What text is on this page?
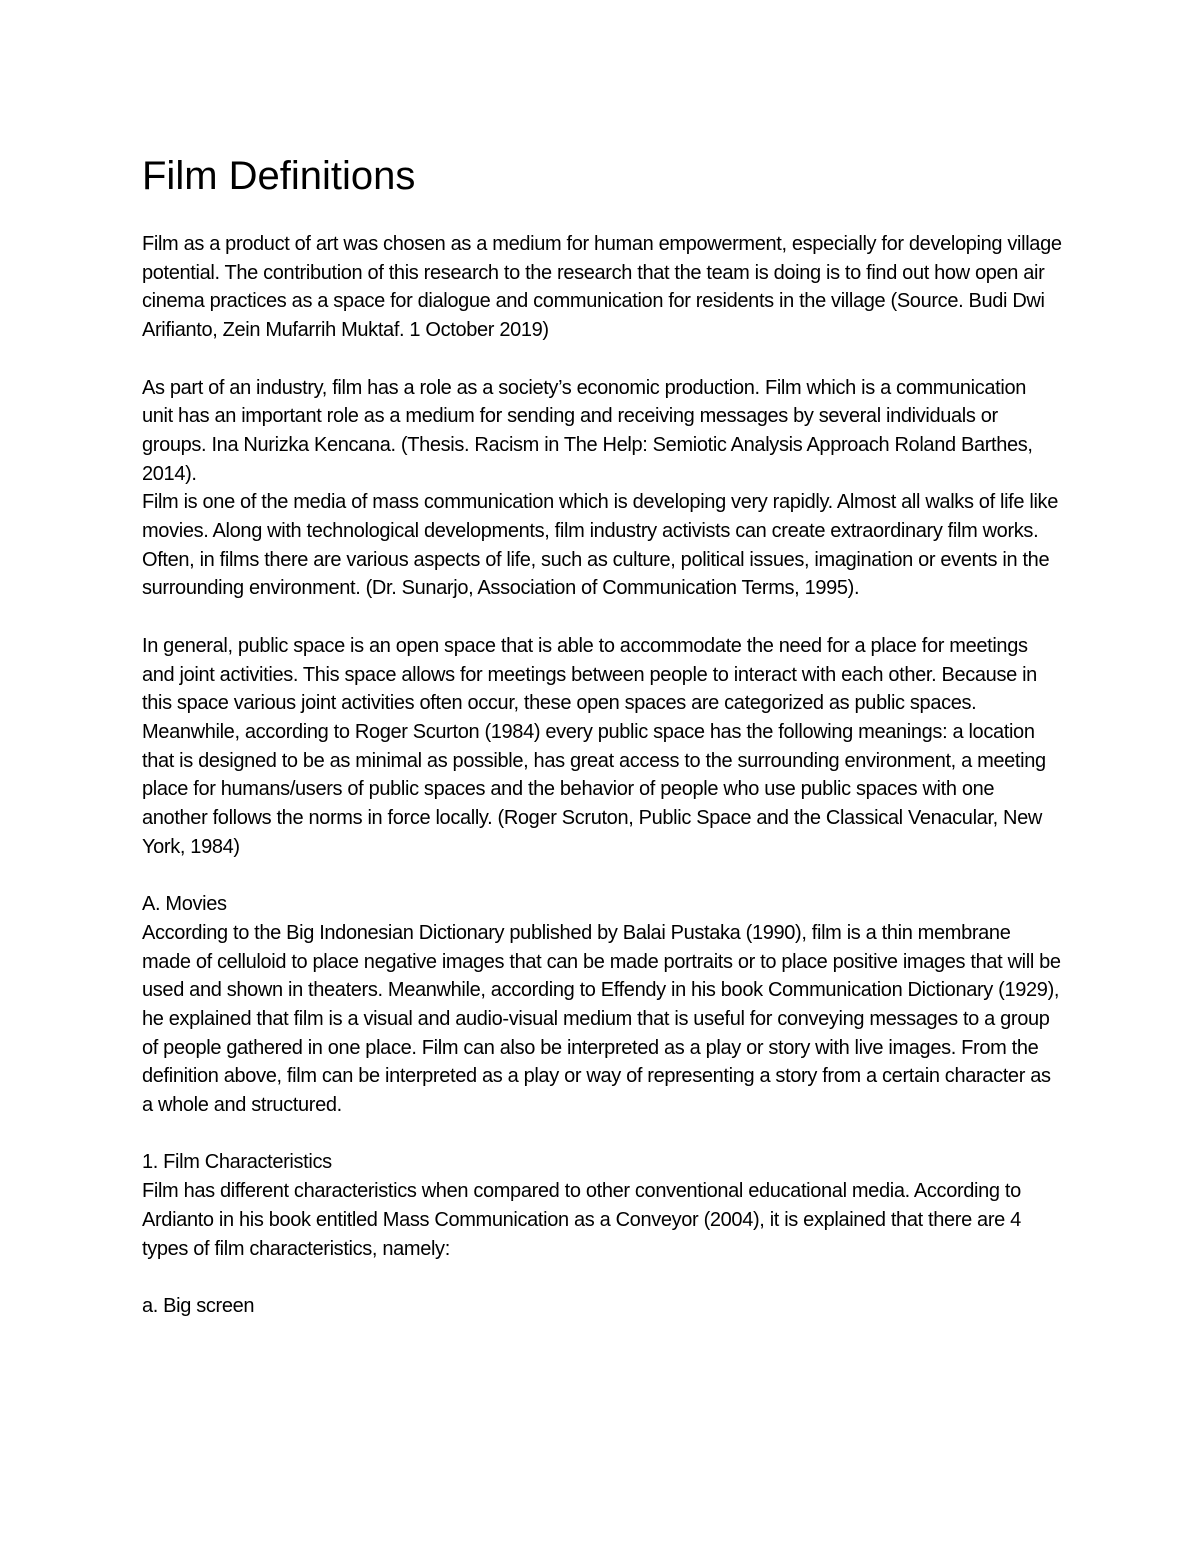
Film Definitions

Film as a product of art was chosen as a medium for human empowerment, especially for developing village potential. The contribution of this research to the research that the team is doing is to find out how open air cinema practices as a space for dialogue and communication for residents in the village (Source. Budi Dwi Arifianto, Zein Mufarrih Muktaf. 1 October 2019)

As part of an industry, film has a role as a society’s economic production. Film which is a communication unit has an important role as a medium for sending and receiving messages by several individuals or groups. Ina Nurizka Kencana. (Thesis. Racism in The Help: Semiotic Analysis Approach Roland Barthes, 2014).

Film is one of the media of mass communication which is developing very rapidly. Almost all walks of life like movies. Along with technological developments, film industry activists can create extraordinary film works. Often, in films there are various aspects of life, such as culture, political issues, imagination or events in the surrounding environment. (Dr. Sunarjo, Association of Communication Terms, 1995).

In general, public space is an open space that is able to accommodate the need for a place for meetings and joint activities. This space allows for meetings between people to interact with each other. Because in this space various joint activities often occur, these open spaces are categorized as public spaces. Meanwhile, according to Roger Scurton (1984) every public space has the following meanings: a location that is designed to be as minimal as possible, has great access to the surrounding environment, a meeting place for humans/users of public spaces and the behavior of people who use public spaces with one another follows the norms in force locally. (Roger Scruton, Public Space and the Classical Venacular, New York, 1984)

A. Movies

According to the Big Indonesian Dictionary published by Balai Pustaka (1990), film is a thin membrane made of celluloid to place negative images that can be made portraits or to place positive images that will be used and shown in theaters. Meanwhile, according to Effendy in his book Communication Dictionary (1929), he explained that film is a visual and audio-visual medium that is useful for conveying messages to a group of people gathered in one place. Film can also be interpreted as a play or story with live images. From the definition above, film can be interpreted as a play or way of representing a story from a certain character as a whole and structured.

1. Film Characteristics

Film has different characteristics when compared to other conventional educational media. According to Ardianto in his book entitled Mass Communication as a Conveyor (2004), it is explained that there are 4 types of film characteristics, namely:

a. Big screen
